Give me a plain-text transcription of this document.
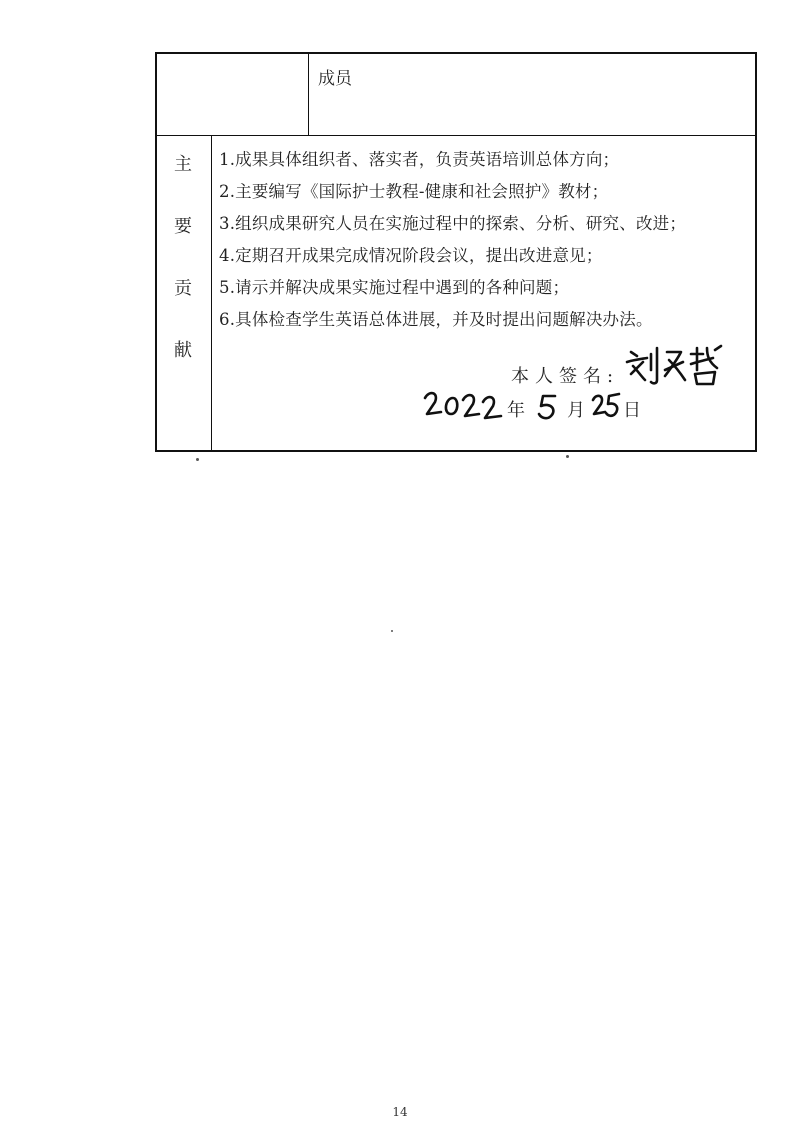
成员
主
要
贡
献
1.成果具体组织者、落实者，负责英语培训总体方向；
2.主要编写《国际护士教程-健康和社会照护》教材；
3.组织成果研究人员在实施过程中的探索、分析、研究、改进；
4.定期召开成果完成情况阶段会议，提出改进意见；
5.请示并解决成果实施过程中遇到的各种问题；
6.具体检查学生英语总体进展，并及时提出问题解决办法。
本人签名:
年 月 日
14
